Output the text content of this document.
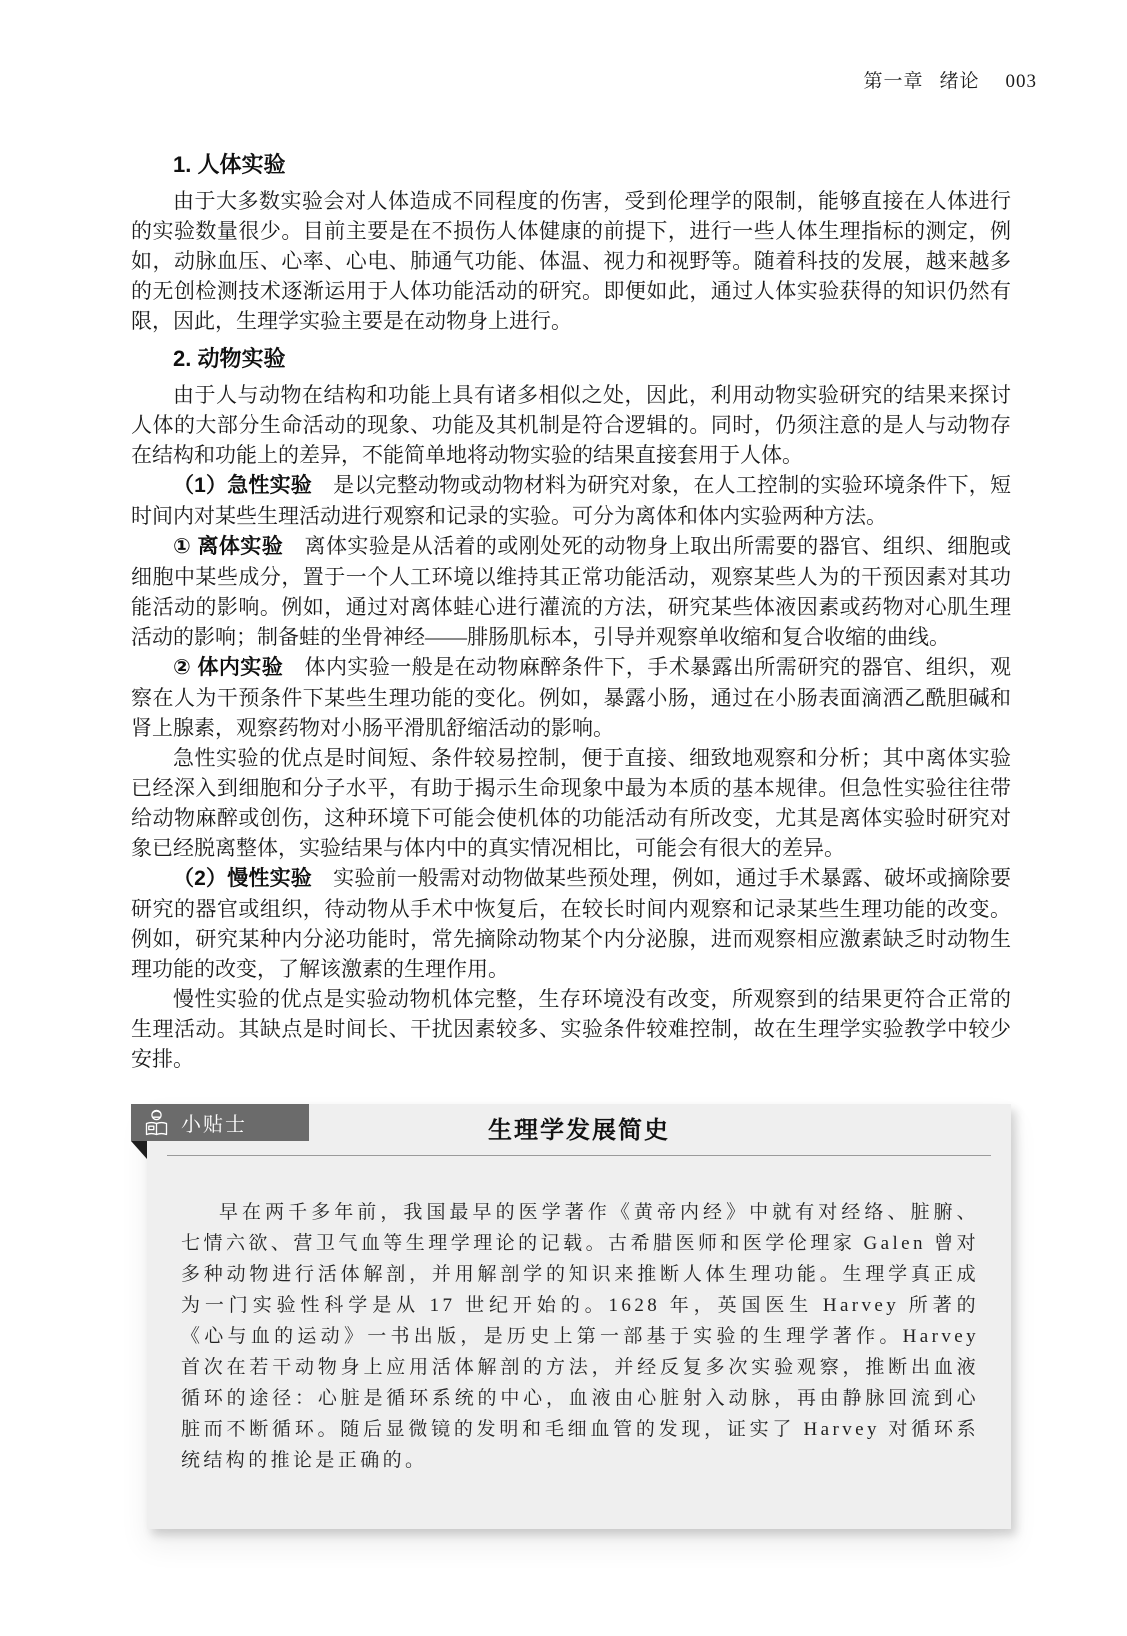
第一章 绪论 003
1. 人体实验

由于大多数实验会对人体造成不同程度的伤害，受到伦理学的限制，能够直接在人体进行的实验数量很少。目前主要是在不损伤人体健康的前提下，进行一些人体生理指标的测定，例如，动脉血压、心率、心电、肺通气功能、体温、视力和视野等。随着科技的发展，越来越多的无创检测技术逐渐运用于人体功能活动的研究。即便如此，通过人体实验获得的知识仍然有限，因此，生理学实验主要是在动物身上进行。

2. 动物实验

由于人与动物在结构和功能上具有诸多相似之处，因此，利用动物实验研究的结果来探讨人体的大部分生命活动的现象、功能及其机制是符合逻辑的。同时，仍须注意的是人与动物存在结构和功能上的差异，不能简单地将动物实验的结果直接套用于人体。

（1）急性实验　是以完整动物或动物材料为研究对象，在人工控制的实验环境条件下，短时间内对某些生理活动进行观察和记录的实验。可分为离体和体内实验两种方法。

① 离体实验　离体实验是从活着的或刚处死的动物身上取出所需要的器官、组织、细胞或细胞中某些成分，置于一个人工环境以维持其正常功能活动，观察某些人为的干预因素对其功能活动的影响。例如，通过对离体蛙心进行灌流的方法，研究某些体液因素或药物对心肌生理活动的影响；制备蛙的坐骨神经——腓肠肌标本，引导并观察单收缩和复合收缩的曲线。

② 体内实验　体内实验一般是在动物麻醉条件下，手术暴露出所需研究的器官、组织，观察在人为干预条件下某些生理功能的变化。例如，暴露小肠，通过在小肠表面滴洒乙酰胆碱和肾上腺素，观察药物对小肠平滑肌舒缩活动的影响。

急性实验的优点是时间短、条件较易控制，便于直接、细致地观察和分析；其中离体实验已经深入到细胞和分子水平，有助于揭示生命现象中最为本质的基本规律。但急性实验往往带给动物麻醉或创伤，这种环境下可能会使机体的功能活动有所改变，尤其是离体实验时研究对象已经脱离整体，实验结果与体内中的真实情况相比，可能会有很大的差异。

（2）慢性实验　实验前一般需对动物做某些预处理，例如，通过手术暴露、破坏或摘除要研究的器官或组织，待动物从手术中恢复后，在较长时间内观察和记录某些生理功能的改变。例如，研究某种内分泌功能时，常先摘除动物某个内分泌腺，进而观察相应激素缺乏时动物生理功能的改变，了解该激素的生理作用。

慢性实验的优点是实验动物机体完整，生存环境没有改变，所观察到的结果更符合正常的生理活动。其缺点是时间长、干扰因素较多、实验条件较难控制，故在生理学实验教学中较少安排。

小贴士	生理学发展简史

早在两千多年前，我国最早的医学著作《黄帝内经》中就有对经络、脏腑、七情六欲、营卫气血等生理学理论的记载。古希腊医师和医学伦理家 Galen 曾对多种动物进行活体解剖，并用解剖学的知识来推断人体生理功能。生理学真正成为一门实验性科学是从 17 世纪开始的。1628 年，英国医生 Harvey 所著的《心与血的运动》一书出版，是历史上第一部基于实验的生理学著作。Harvey 首次在若干动物身上应用活体解剖的方法，并经反复多次实验观察，推断出血液循环的途径：心脏是循环系统的中心，血液由心脏射入动脉，再由静脉回流到心脏而不断循环。随后显微镜的发明和毛细血管的发现，证实了 Harvey 对循环系统结构的推论是正确的。
